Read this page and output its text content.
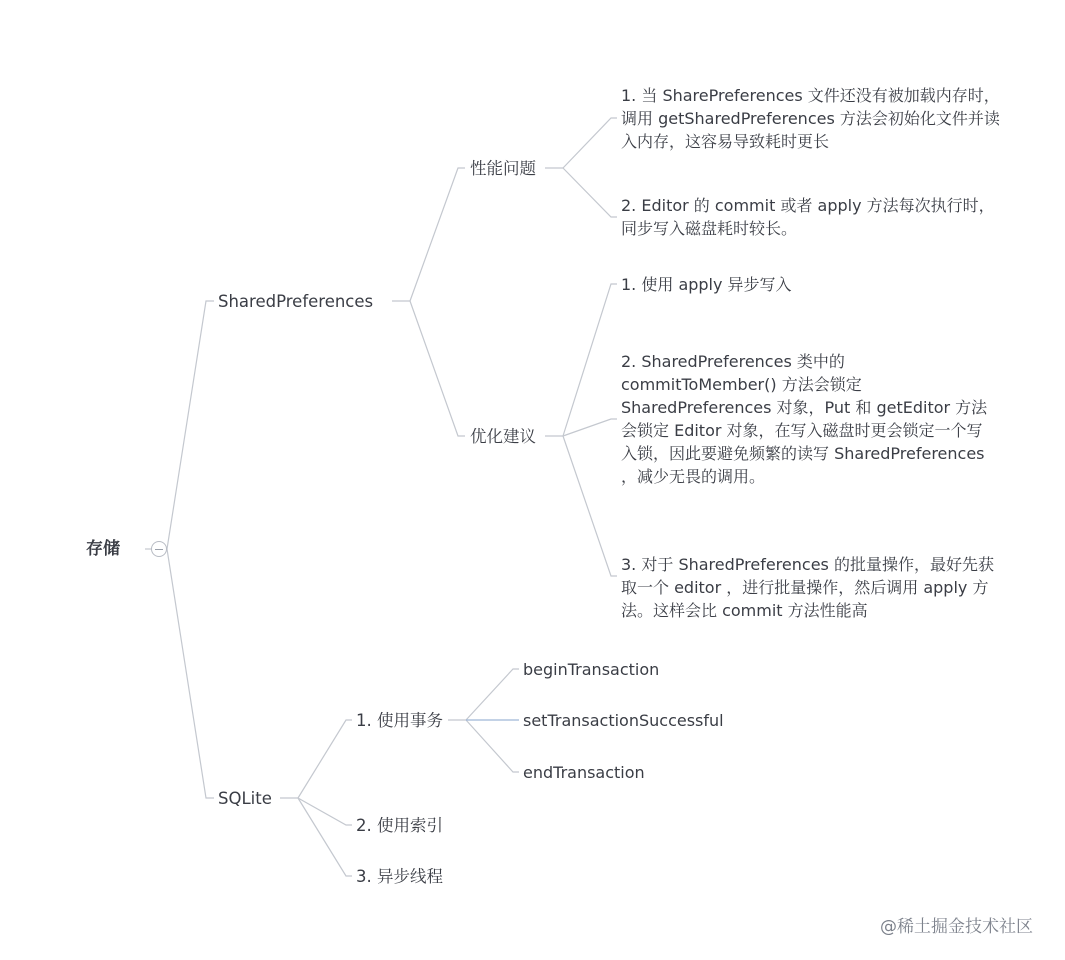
存储
SharedPreferences
性能问题
优化建议
1. 当 SharePreferences 文件还没有被加载内存时，调用 getSharedPreferences 方法会初始化文件并读入内存，这容易导致耗时更长
2. Editor 的 commit 或者 apply 方法每次执行时，同步写入磁盘耗时较长。
1. 使用 apply 异步写入
2. SharedPreferences 类中的 commitToMember() 方法会锁定 SharedPreferences 对象，Put 和 getEditor 方法会锁定 Editor 对象，在写入磁盘时更会锁定一个写入锁，因此要避免频繁的读写 SharedPreferences ，减少无畏的调用。
3. 对于 SharedPreferences 的批量操作，最好先获取一个 editor ，进行批量操作，然后调用 apply 方法。这样会比 commit 方法性能高
SQLite
1. 使用事务
2. 使用索引
3. 异步线程
beginTransaction
setTransactionSuccessful
endTransaction
@稀土掘金技术社区
